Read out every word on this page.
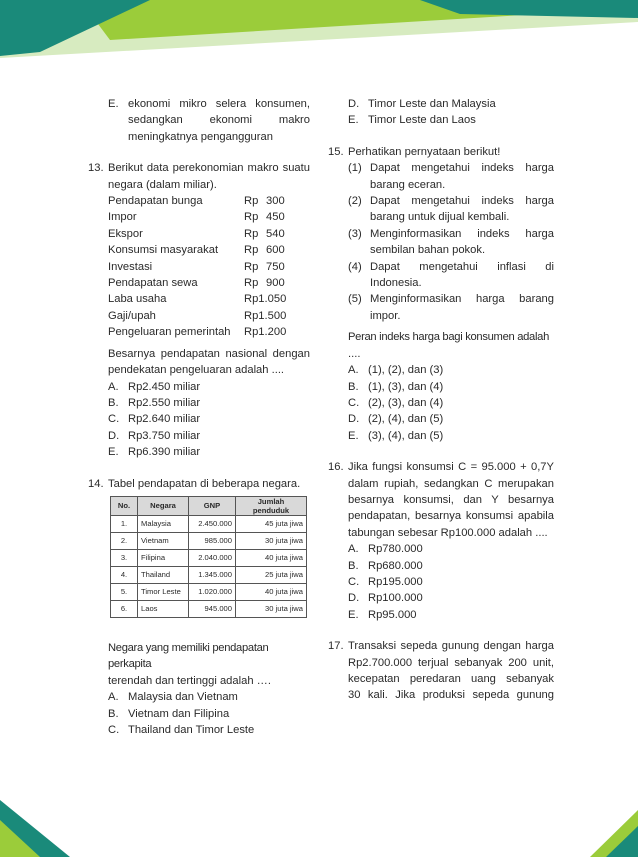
E. ekonomi mikro selera konsumen,
sedangkan ekonomi makro
meningkatnya pengangguran
13. Berikut data perekonomian makro suatu
negara (dalam miliar).
Pendapatan bunga	Rp 300
Impor	Rp 450
Ekspor	Rp 540
Konsumsi masyarakat	Rp 600
Investasi	Rp 750
Pendapatan sewa	Rp 900
Laba usaha	Rp1.050
Gaji/upah	Rp1.500
Pengeluaran pemerintah	Rp1.200
Besarnya pendapatan nasional dengan
pendekatan pengeluaran adalah ....
A. Rp2.450 miliar
B. Rp2.550 miliar
C. Rp2.640 miliar
D. Rp3.750 miliar
E. Rp6.390 miliar
14. Tabel pendapatan di beberapa negara.
No.	Negara	GNP	Jumlah penduduk
1.	Malaysia	2.450.000	45 juta jiwa
2.	Vietnam	985.000	30 juta jiwa
3.	Filipina	2.040.000	40 juta jiwa
4.	Thailand	1.345.000	25 juta jiwa
5.	Timor Leste	1.020.000	40 juta jiwa
6.	Laos	945.000	30 juta jiwa
Negara yang memiliki pendapatan perkapita
terendah dan tertinggi adalah ….
A. Malaysia dan Vietnam
B. Vietnam dan Filipina
C. Thailand dan Timor Leste
D. Timor Leste dan Malaysia
E. Timor Leste dan Laos
15. Perhatikan pernyataan berikut!
(1) Dapat mengetahui indeks harga
barang eceran.
(2) Dapat mengetahui indeks harga
barang untuk dijual kembali.
(3) Menginformasikan indeks harga
sembilan bahan pokok.
(4) Dapat mengetahui inflasi di
Indonesia.
(5) Menginformasikan harga barang
impor.
Peran indeks harga bagi konsumen adalah
....
A. (1), (2), dan (3)
B. (1), (3), dan (4)
C. (2), (3), dan (4)
D. (2), (4), dan (5)
E. (3), (4), dan (5)
16. Jika fungsi konsumsi C = 95.000 + 0,7Y
dalam rupiah, sedangkan C merupakan
besarnya konsumsi, dan Y besarnya
pendapatan, besarnya konsumsi apabila
tabungan sebesar Rp100.000 adalah ....
A. Rp780.000
B. Rp680.000
C. Rp195.000
D. Rp100.000
E. Rp95.000
17. Transaksi sepeda gunung dengan harga
Rp2.700.000 terjual sebanyak 200 unit,
kecepatan peredaran uang sebanyak
30 kali. Jika produksi sepeda gunung
